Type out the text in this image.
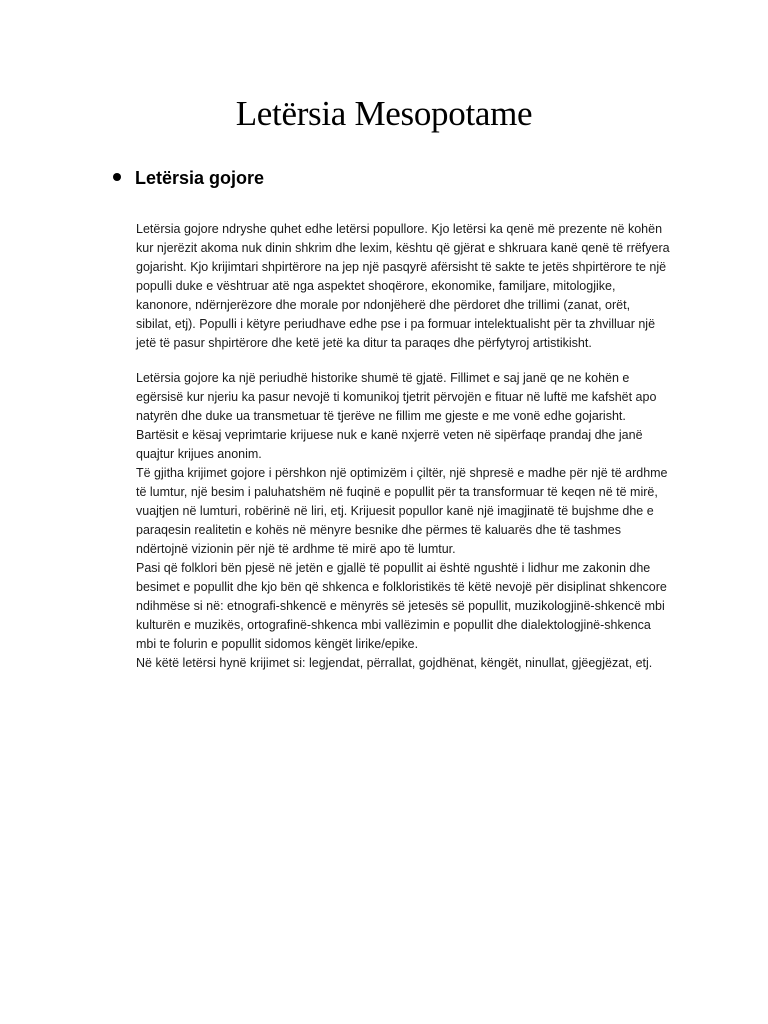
Letërsia Mesopotame
Letërsia gojore
Letërsia gojore ndryshe quhet edhe letërsi popullore. Kjo letërsi ka qenë më prezente në kohën
kur njerëzit akoma nuk dinin shkrim dhe lexim, kështu që gjërat e shkruara kanë qenë të rrëfyera
gojarisht. Kjo krijimtari shpirtërore na jep një pasqyrë afërsisht të sakte te jetës shpirtërore te një
populli duke e vështruar atë nga aspektet shoqërore, ekonomike, familjare, mitologjike,
kanonore, ndërnjerëzore dhe morale por ndonjëherë dhe përdoret dhe trillimi (zanat, orët,
sibilat, etj). Populli i këtyre periudhave edhe pse i pa formuar intelektualisht për ta zhvilluar një
jetë të pasur shpirtërore dhe ketë jetë ka ditur ta paraqes dhe përfytyroj artistikisht.
Letërsia gojore ka një periudhë historike shumë të gjatë. Fillimet e saj janë qe ne kohën e
egërsisë kur njeriu ka pasur nevojë ti komunikoj tjetrit përvojën e fituar në luftë me kafshët apo
natyrën dhe duke ua transmetuar të tjerëve ne fillim me gjeste e me vonë edhe gojarisht.
Bartësit e kësaj veprimtarie krijuese nuk e kanë nxjerrë veten në sipërfaqe prandaj dhe janë
quajtur krijues anonim.
Të gjitha krijimet gojore i përshkon një optimizëm i çiltër, një shpresë e madhe për një të ardhme
të lumtur, një besim i paluhatshëm në fuqinë e popullit për ta transformuar të keqen në të mirë,
vuajtjen në lumturi, robërinë në liri, etj. Krijuesit popullor kanë një imagjinatë të bujshme dhe e
paraqesin realitetin e kohës në mënyre besnike dhe përmes të kaluarës dhe të tashmes
ndërtojnë vizionin për një të ardhme të mirë apo të lumtur.
Pasi që folklori bën pjesë në jetën e gjallë të popullit ai është ngushtë i lidhur me zakonin dhe
besimet e popullit dhe kjo bën që shkenca e folkloristikës të këtë nevojë për disiplinat shkencore
ndihmëse si në: etnografi-shkencë e mënyrës së jetesës së popullit, muzikologjinë-shkencë mbi
kulturën e muzikës, ortografinë-shkenca mbi vallëzimin e popullit dhe dialektologjinë-shkenca
mbi te folurin e popullit sidomos këngët lirike/epike.
Në këtë letërsi hynë krijimet si: legjendat, përrallat, gojdhënat, këngët, ninullat, gjëegjëzat, etj.
